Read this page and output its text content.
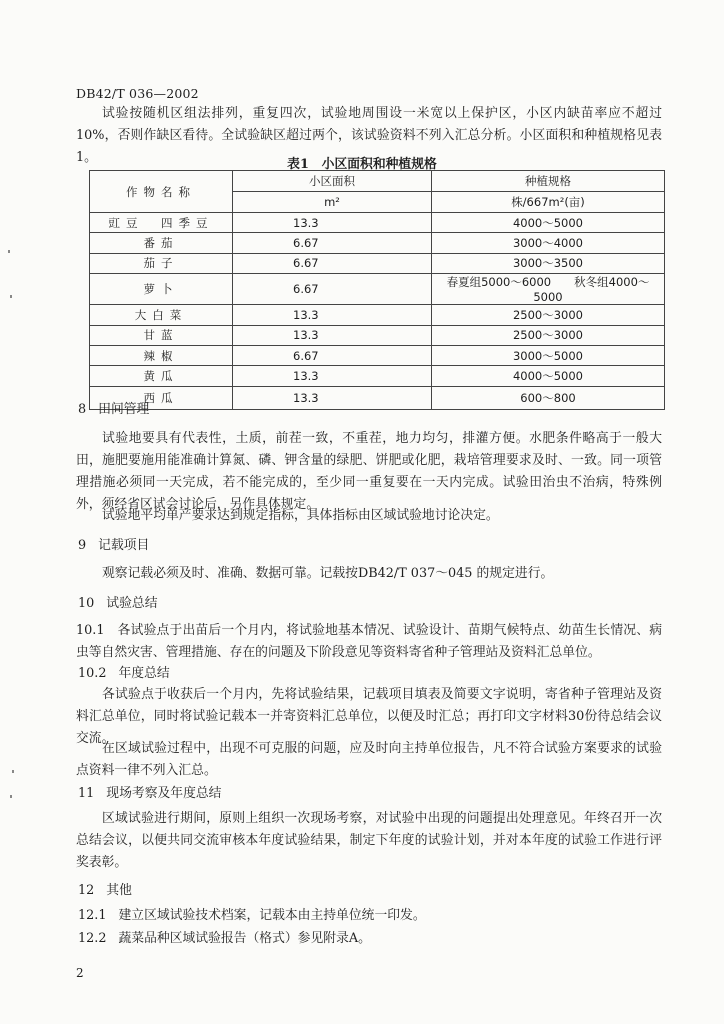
DB42/T 036—2002
试验按随机区组法排列，重复四次，试验地周围设一米宽以上保护区，小区内缺苗率应不超过10%，否则作缺区看待。全试验缺区超过两个，该试验资料不列入汇总分析。小区面积和种植规格见表1。	表1　小区面积和种植规格
作物名称	小区面积	种植规格
	m²	株/667m²(亩)
豇豆　四季豆	13.3	4000～5000
番茄	6.67	3000～4000
茄子	6.67	3000～3500
萝卜	6.67	春夏组5000～6000　　秋冬组4000～5000
大白菜	13.3	2500～3000
甘蓝	13.3	2500～3000
辣椒	6.67	3000～5000
黄瓜	13.3	4000～5000
西瓜	13.3	600～800
8 田间管理
试验地要具有代表性，土质，前茬一致，不重茬，地力均匀，排灌方便。水肥条件略高于一般大田，施肥要施用能准确计算氮、磷、钾含量的绿肥、饼肥或化肥，栽培管理要求及时、一致。同一项管理措施必须同一天完成，若不能完成的，至少同一重复要在一天内完成。试验田治虫不治病，特殊例外，须经省区试会讨论后，另作具体规定。
试验地平均单产要求达到规定指标，具体指标由区域试验地讨论决定。
9 记载项目
观察记载必须及时、准确、数据可靠。记载按DB42/T 037～045 的规定进行。
10 试验总结
10.1　 各试验点于出苗后一个月内，将试验地基本情况、试验设计、苗期气候特点、幼苗生长情况、病虫等自然灾害、管理措施、存在的问题及下阶段意见等资料寄省种子管理站及资料汇总单位。
10.2 年度总结
各试验点于收获后一个月内，先将试验结果，记载项目填表及简要文字说明，寄省种子管理站及资料汇总单位，同时将试验记载本一并寄资料汇总单位，以便及时汇总；再打印文字材料30份待总结会议交流。
在区域试验过程中，出现不可克服的问题，应及时向主持单位报告，凡不符合试验方案要求的试验点资料一律不列入汇总。
11 现场考察及年度总结
区域试验进行期间，原则上组织一次现场考察，对试验中出现的问题提出处理意见。年终召开一次总结会议，以便共同交流审核本年度试验结果，制定下年度的试验计划，并对本年度的试验工作进行评奖表彰。
12 其他
12.1 建立区域试验技术档案，记载本由主持单位统一印发。
12.2 蔬菜品种区域试验报告（格式）参见附录A。
2
